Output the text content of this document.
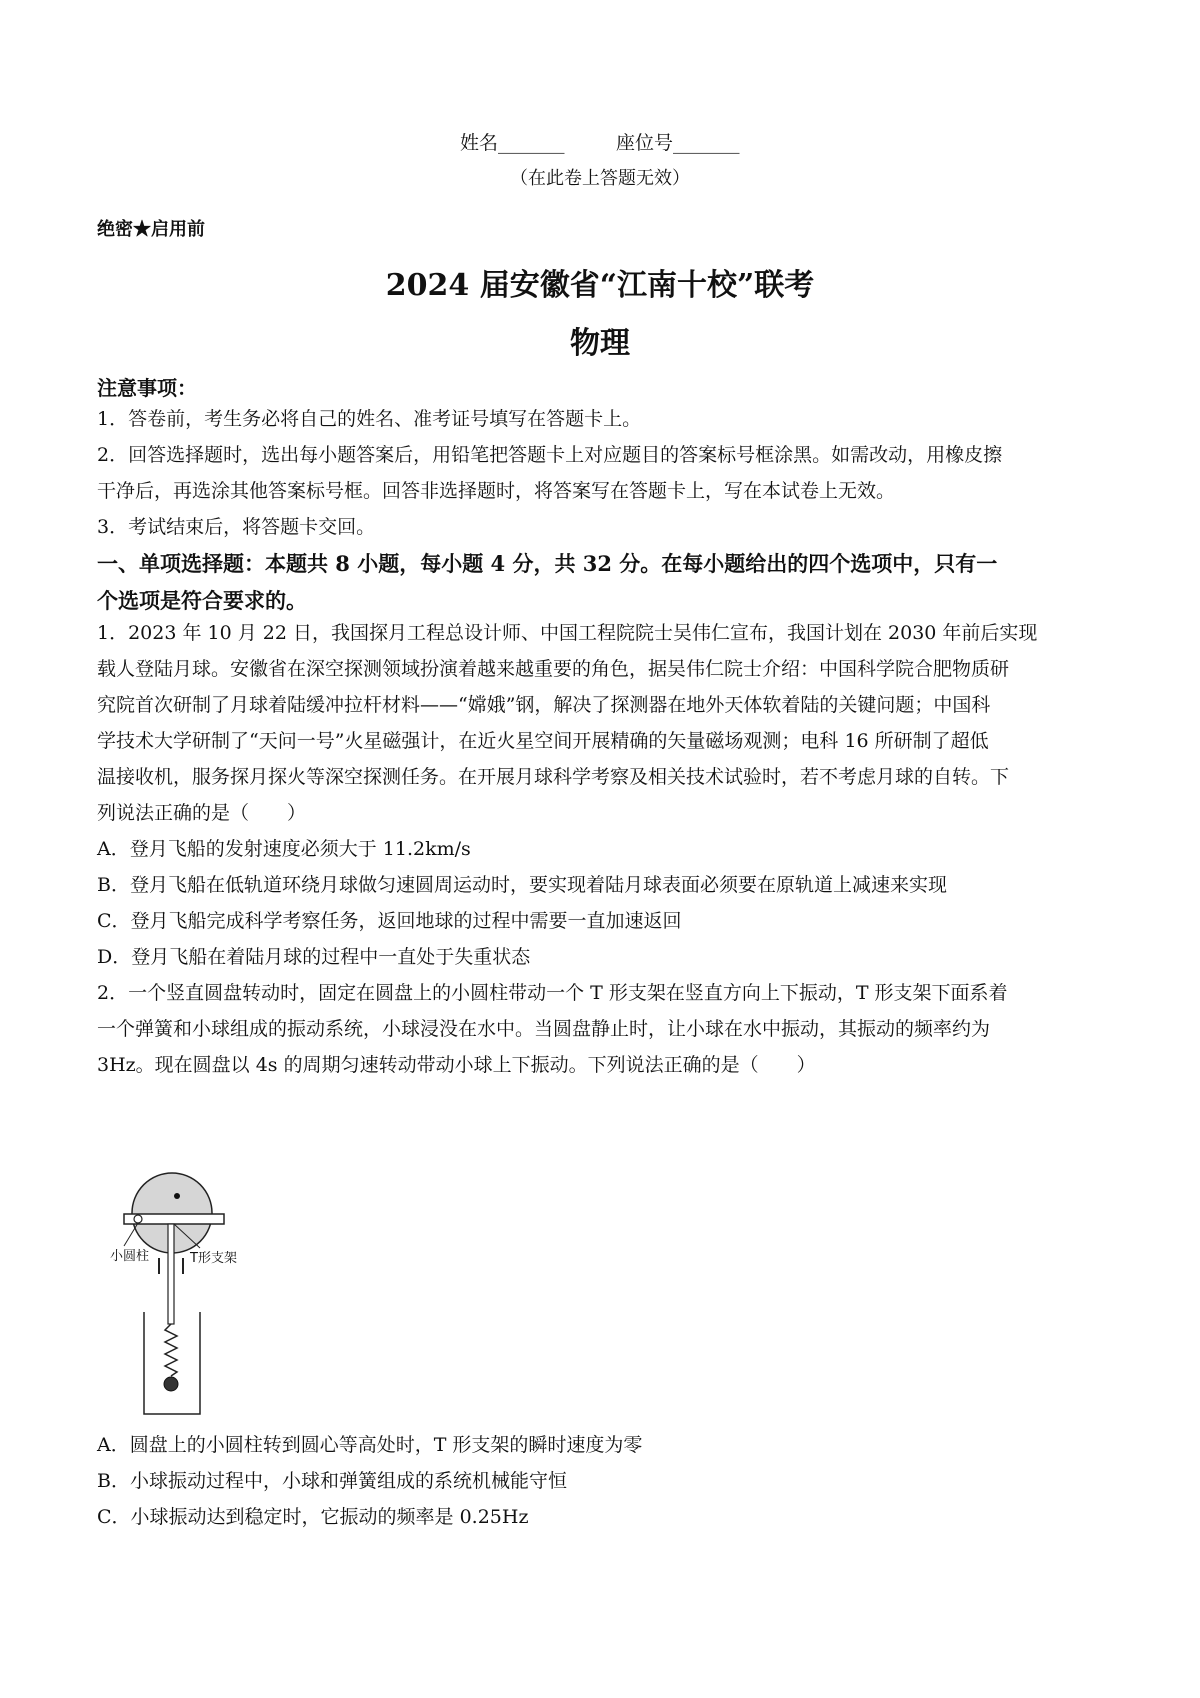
姓名_______	座位号_______
（在此卷上答题无效）
绝密★启用前
2024 届安徽省“江南十校”联考
物理
注意事项：
1．答卷前，考生务必将自己的姓名、准考证号填写在答题卡上。
2．回答选择题时，选出每小题答案后，用铅笔把答题卡上对应题目的答案标号框涂黑。如需改动，用橡皮擦
干净后，再选涂其他答案标号框。回答非选择题时，将答案写在答题卡上，写在本试卷上无效。
3．考试结束后，将答题卡交回。
一、单项选择题：本题共 8 小题，每小题 4 分，共 32 分。在每小题给出的四个选项中，只有一
个选项是符合要求的。
1．2023 年 10 月 22 日，我国探月工程总设计师、中国工程院院士吴伟仁宣布，我国计划在 2030 年前后实现
载人登陆月球。安徽省在深空探测领域扮演着越来越重要的角色，据吴伟仁院士介绍：中国科学院合肥物质研
究院首次研制了月球着陆缓冲拉杆材料——“嫦娥”钢，解决了探测器在地外天体软着陆的关键问题；中国科
学技术大学研制了“天问一号”火星磁强计，在近火星空间开展精确的矢量磁场观测；电科 16 所研制了超低
温接收机，服务探月探火等深空探测任务。在开展月球科学考察及相关技术试验时，若不考虑月球的自转。下
列说法正确的是（　　）
A．登月飞船的发射速度必须大于 11.2km/s
B．登月飞船在低轨道环绕月球做匀速圆周运动时，要实现着陆月球表面必须要在原轨道上减速来实现
C．登月飞船完成科学考察任务，返回地球的过程中需要一直加速返回
D．登月飞船在着陆月球的过程中一直处于失重状态
2．一个竖直圆盘转动时，固定在圆盘上的小圆柱带动一个 T 形支架在竖直方向上下振动，T 形支架下面系着
一个弹簧和小球组成的振动系统，小球浸没在水中。当圆盘静止时，让小球在水中振动，其振动的频率约为
3Hz。现在圆盘以 4s 的周期匀速转动带动小球上下振动。下列说法正确的是（　　）
小圆柱	T形支架
A．圆盘上的小圆柱转到圆心等高处时，T 形支架的瞬时速度为零
B．小球振动过程中，小球和弹簧组成的系统机械能守恒
C．小球振动达到稳定时，它振动的频率是 0.25Hz
